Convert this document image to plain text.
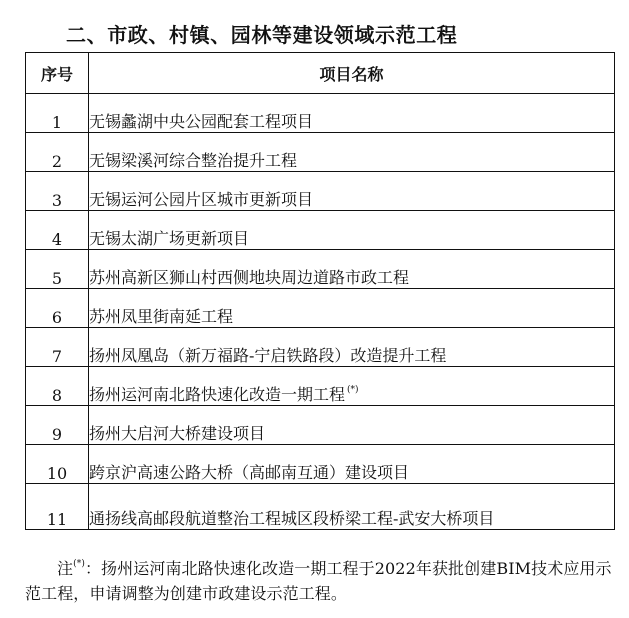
二、市政、村镇、园林等建设领域示范工程
序号	项目名称
1	无锡蠡湖中央公园配套工程项目
2	无锡梁溪河综合整治提升工程
3	无锡运河公园片区城市更新项目
4	无锡太湖广场更新项目
5	苏州高新区狮山村西侧地块周边道路市政工程
6	苏州凤里街南延工程
7	扬州凤凰岛（新万福路-宁启铁路段）改造提升工程
8	扬州运河南北路快速化改造一期工程 (*)
9	扬州大启河大桥建设项目
10	跨京沪高速公路大桥（高邮南互通）建设项目
11	通扬线高邮段航道整治工程城区段桥梁工程-武安大桥项目
注(*)：扬州运河南北路快速化改造一期工程于2022年获批创建BIM技术应用示范工程，申请调整为创建市政建设示范工程。
